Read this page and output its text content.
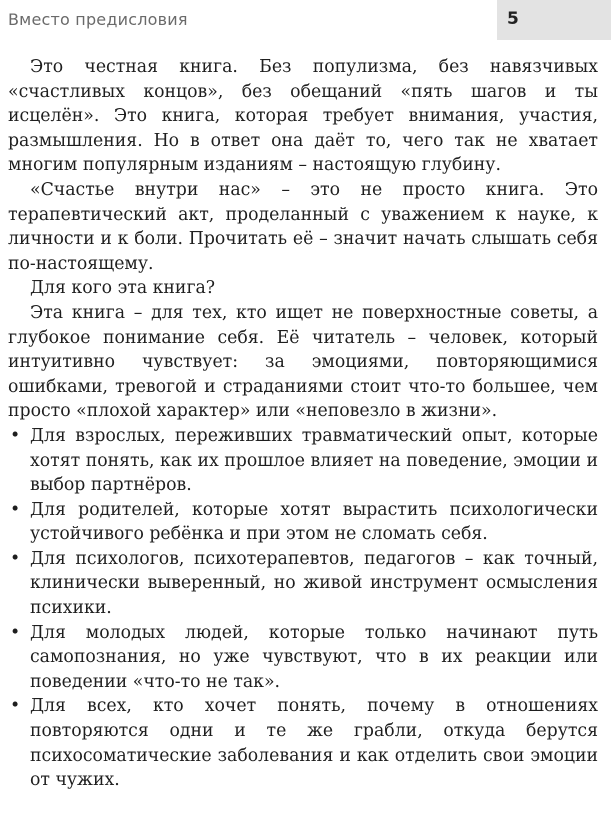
Вместо предисловия	5

Это честная книга. Без популизма, без навязчивых «счастливых концов», без обещаний «пять шагов и ты исцелён». Это книга, которая требует внимания, участия, размышления. Но в ответ она даёт то, чего так не хватает многим популярным изданиям – настоящую глубину.

«Счастье внутри нас» – это не просто книга. Это терапевтический акт, проделанный с уважением к науке, к личности и к боли. Прочитать её – значит начать слышать себя по-настоящему.

Для кого эта книга?

Эта книга – для тех, кто ищет не поверхностные советы, а глубокое понимание себя. Её читатель – человек, который интуитивно чувствует: за эмоциями, повторяющимися ошибками, тревогой и страданиями стоит что-то большее, чем просто «плохой характер» или «неповезло в жизни».

• Для взрослых, переживших травматический опыт, которые хотят понять, как их прошлое влияет на поведение, эмоции и выбор партнёров.
• Для родителей, которые хотят вырастить психологически устойчивого ребёнка и при этом не сломать себя.
• Для психологов, психотерапевтов, педагогов – как точный, клинически выверенный, но живой инструмент осмысления психики.
• Для молодых людей, которые только начинают путь самопознания, но уже чувствуют, что в их реакции или поведении «что-то не так».
• Для всех, кто хочет понять, почему в отношениях повторяются одни и те же грабли, откуда берутся психосоматические заболевания и как отделить свои эмоции от чужих.
